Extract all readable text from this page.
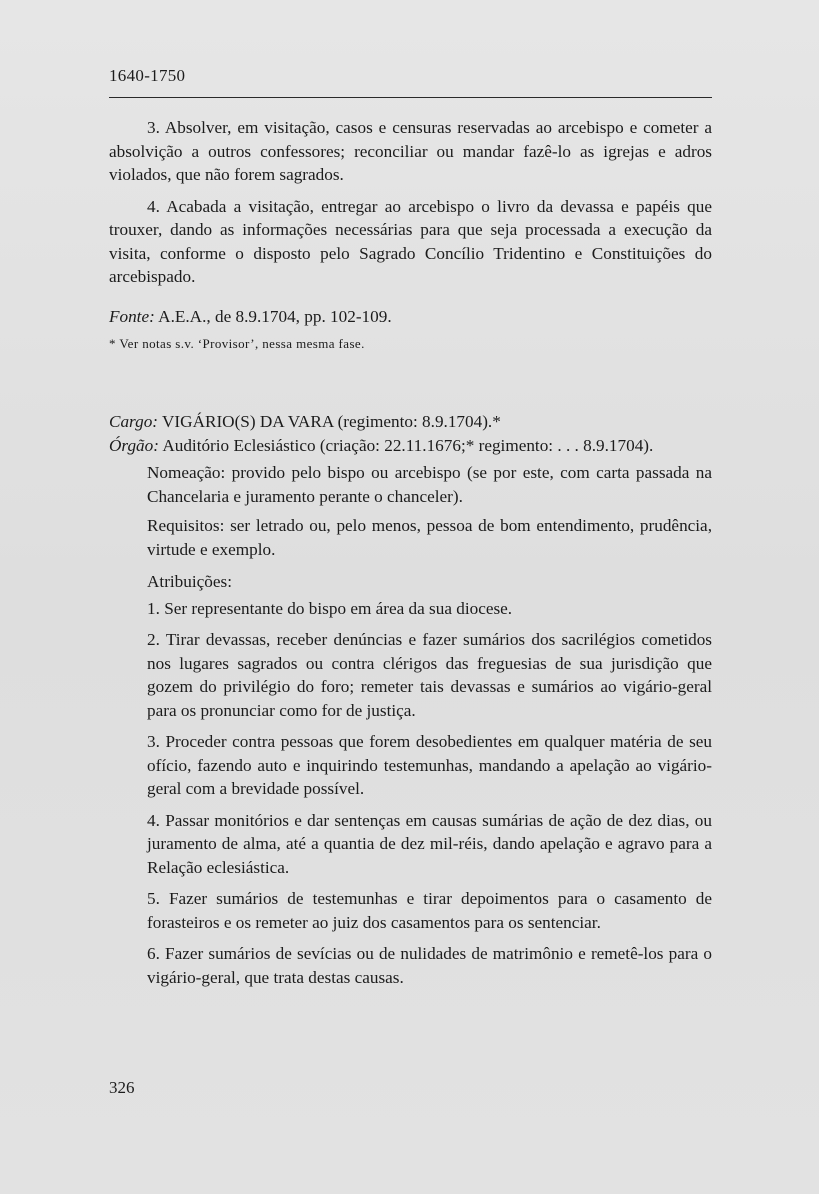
1640-1750

3. Absolver, em visitação, casos e censuras reservadas ao arcebispo e cometer a absolvição a outros confessores; reconciliar ou mandar fazê-lo as igrejas e adros violados, que não forem sagrados.

4. Acabada a visitação, entregar ao arcebispo o livro da devassa e papéis que trouxer, dando as informações necessárias para que seja processada a execução da visita, conforme o disposto pelo Sagrado Concílio Tridentino e Constituições do arcebispado.

Fonte: A.E.A., de 8.9.1704, pp. 102-109.

* Ver notas s.v. ‘Provisor’, nessa mesma fase.

Cargo: VIGÁRIO(S) DA VARA (regimento: 8.9.1704).*

Órgão: Auditório Eclesiástico (criação: 22.11.1676;* regimento: . . . 8.9.1704).

Nomeação: provido pelo bispo ou arcebispo (se por este, com carta passada na Chancelaria e juramento perante o chanceler).

Requisitos: ser letrado ou, pelo menos, pessoa de bom entendimento, prudência, virtude e exemplo.

Atribuições:

1. Ser representante do bispo em área da sua diocese.

2. Tirar devassas, receber denúncias e fazer sumários dos sacrilégios cometidos nos lugares sagrados ou contra clérigos das freguesias de sua jurisdição que gozem do privilégio do foro; remeter tais devassas e sumários ao vigário-geral para os pronunciar como for de justiça.

3. Proceder contra pessoas que forem desobedientes em qualquer matéria de seu ofício, fazendo auto e inquirindo testemunhas, mandando a apelação ao vigário-geral com a brevidade possível.

4. Passar monitórios e dar sentenças em causas sumárias de ação de dez dias, ou juramento de alma, até a quantia de dez mil-réis, dando apelação e agravo para a Relação eclesiástica.

5. Fazer sumários de testemunhas e tirar depoimentos para o casamento de forasteiros e os remeter ao juiz dos casamentos para os sentenciar.

6. Fazer sumários de sevícias ou de nulidades de matrimônio e remetê-los para o vigário-geral, que trata destas causas.

326
